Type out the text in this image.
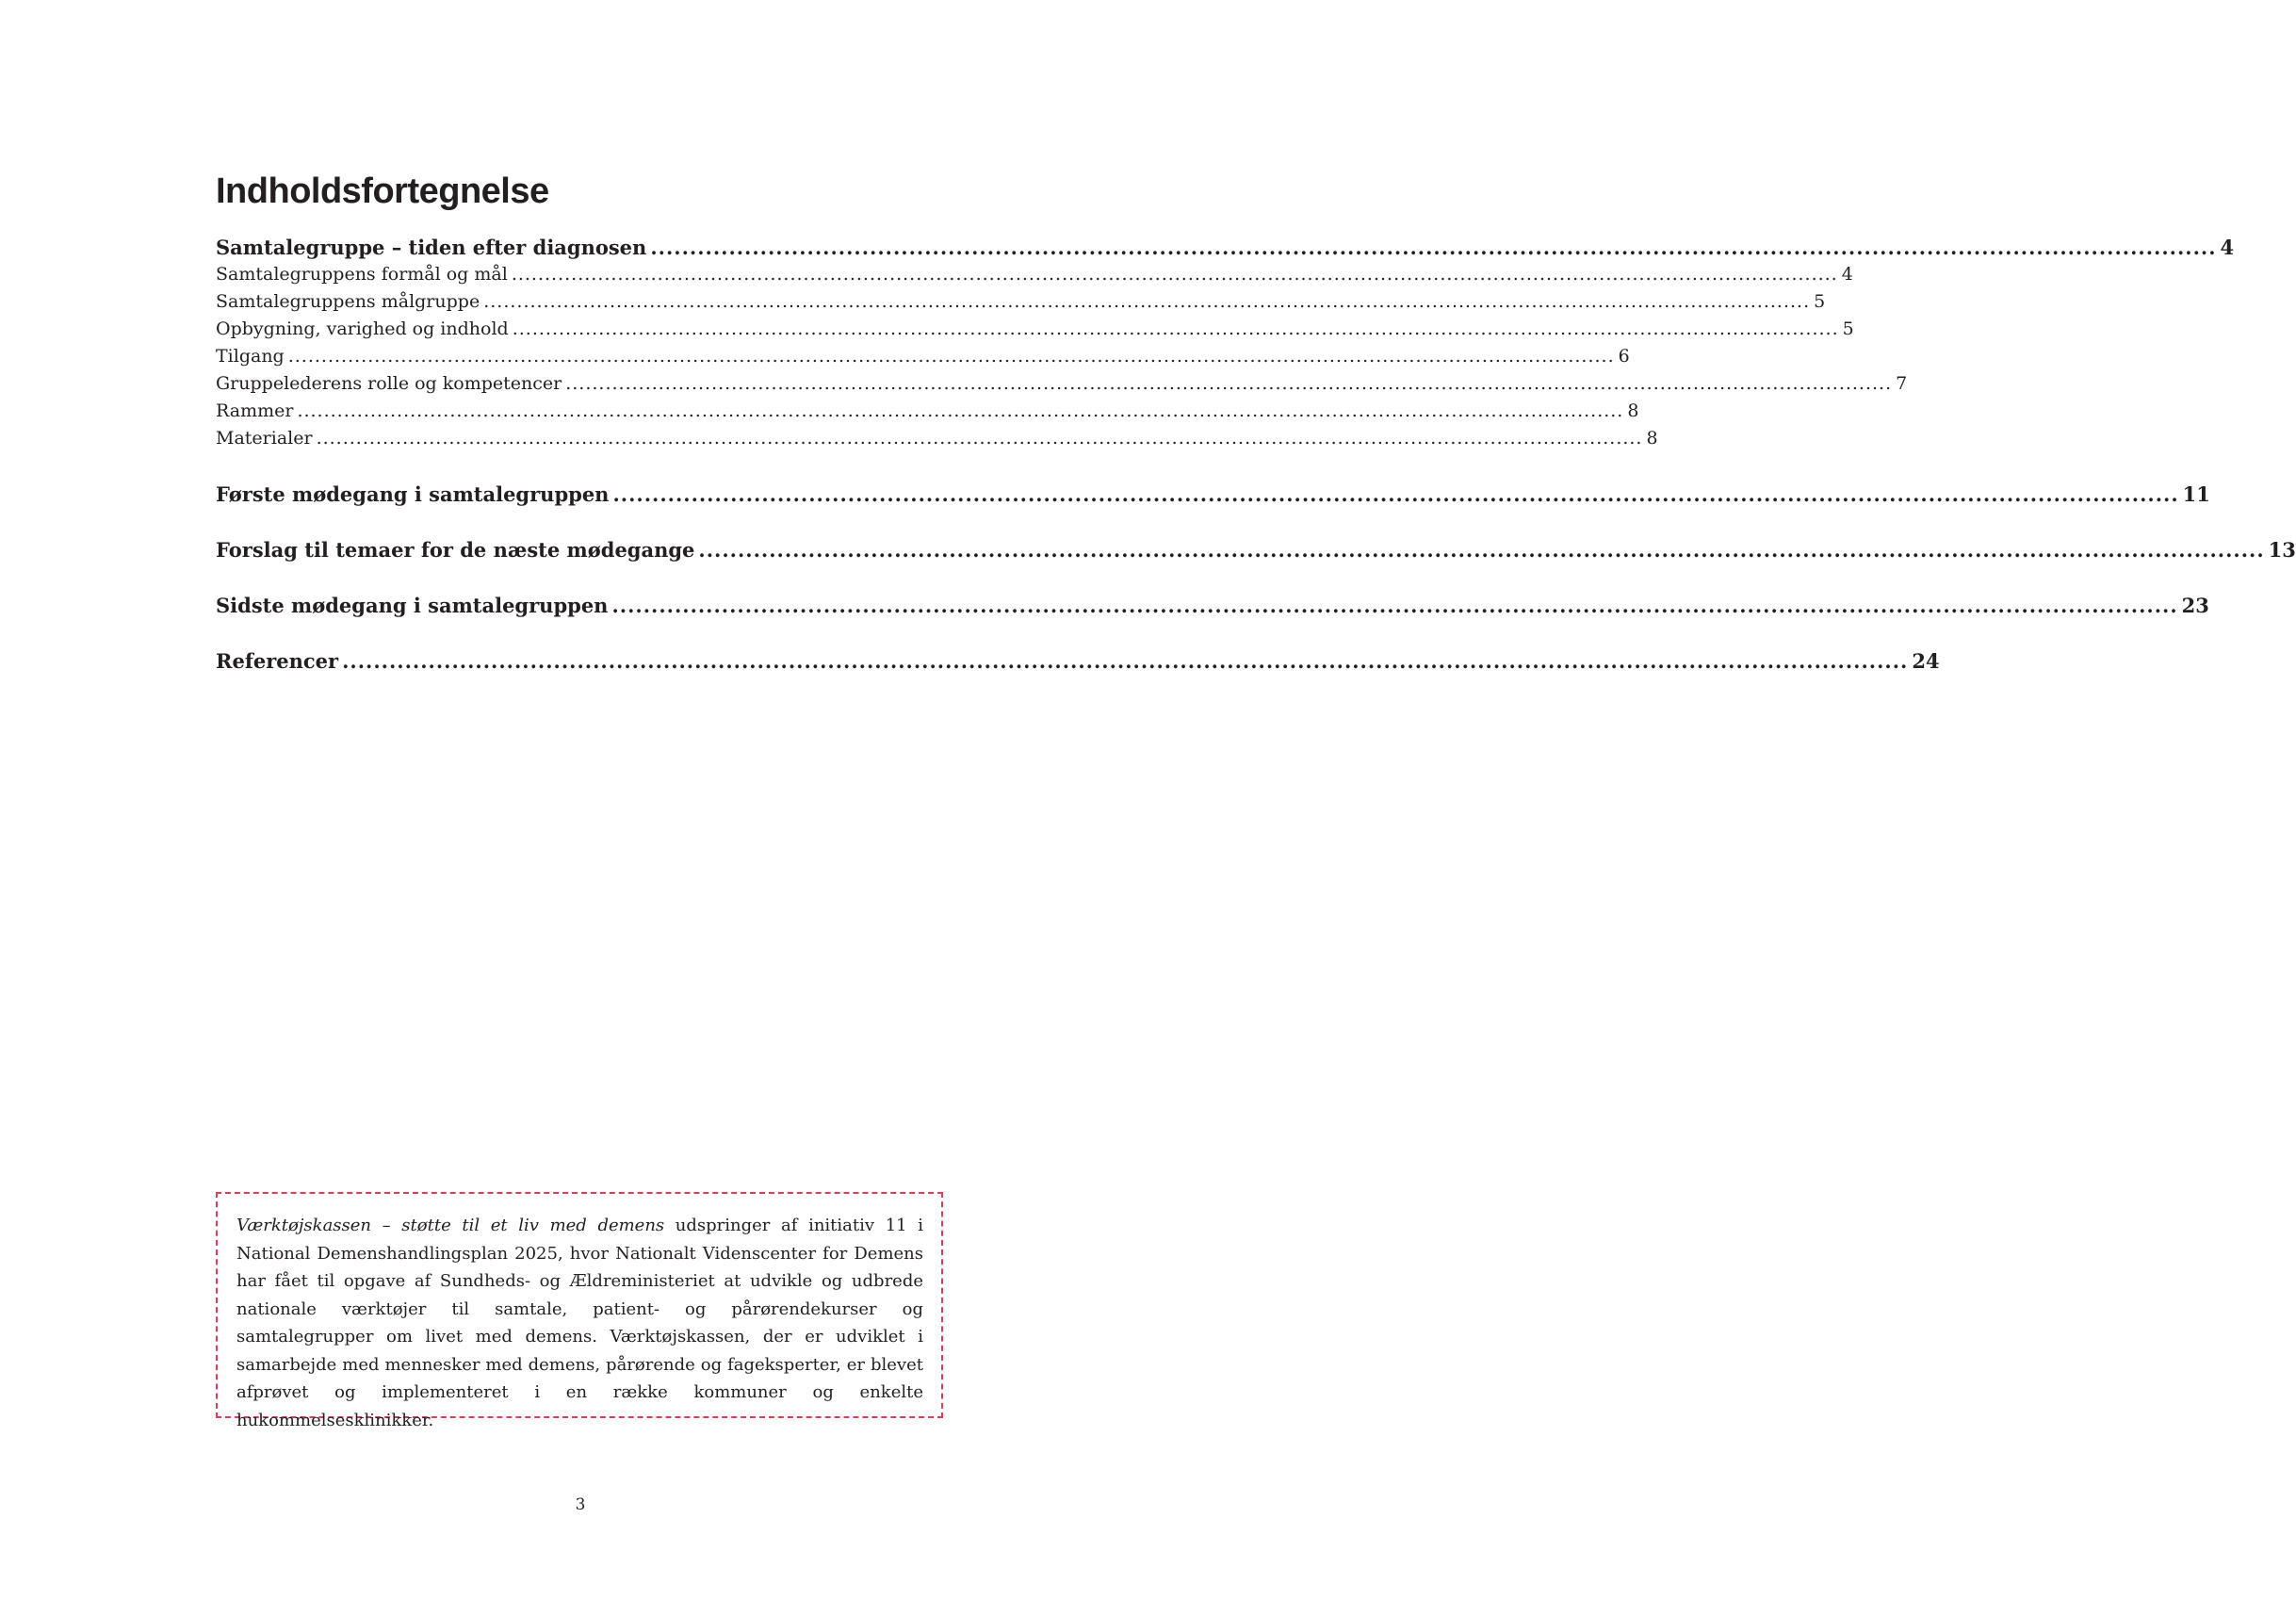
Indholdsfortegnelse
Samtalegruppe – tiden efter diagnosen ........................................................................................................................................................................................................ 4
Samtalegruppens formål og mål ........................................................................................................................................................................................................ 4
Samtalegruppens målgruppe ........................................................................................................................................................................................................ 5
Opbygning, varighed og indhold ........................................................................................................................................................................................................ 5
Tilgang ........................................................................................................................................................................................................ 6
Gruppelederens rolle og kompetencer ........................................................................................................................................................................................................ 7
Rammer ........................................................................................................................................................................................................ 8
Materialer ........................................................................................................................................................................................................ 8
Første mødegang i samtalegruppen ........................................................................................................................................................................................................ 11
Forslag til temaer for de næste mødegange ........................................................................................................................................................................................................ 13
Sidste mødegang i samtalegruppen ........................................................................................................................................................................................................ 23
Referencer ........................................................................................................................................................................................................ 24

Værktøjskassen – støtte til et liv med demens udspringer af initiativ 11 i National Demenshandlingsplan 2025, hvor Nationalt Videnscenter for Demens har fået til opgave af Sundheds- og Ældreministeriet at udvikle og udbrede nationale værktøjer til samtale, patient- og pårørendekurser og samtalegrupper om livet med demens. Værktøjskassen, der er udviklet i samarbejde med mennesker med demens, pårørende og fageksperter, er blevet afprøvet og implementeret i en række kommuner og enkelte hukommelsesklinikker.

3
